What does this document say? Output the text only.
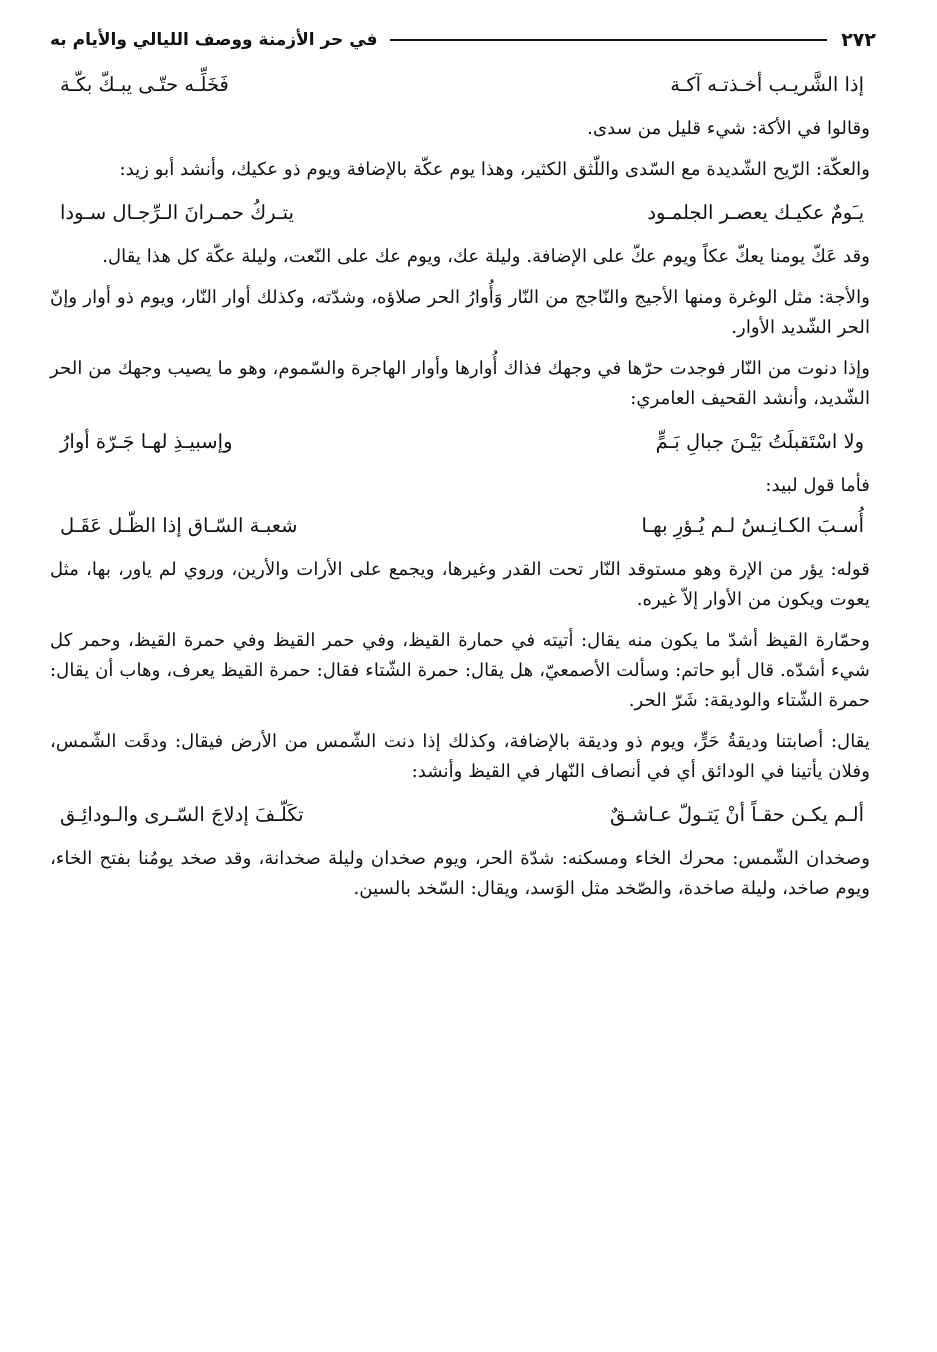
٢٧٢
في حر الأزمنة ووصف الليالي والأيام به
إذا الشَّريـب أخـذتـه آكـة
فَخَلِّـه حتّـى يبـكّ بكّـة

وقالوا في الأكة: شيء قليل من سدى.

والعكّة: الرّيح الشّديدة مع السّدى واللّثق الكثير، وهذا يوم عكّة بالإضافة ويوم ذو عكيك، وأنشد أبو زيد:

يـَومٌ عكيـك يعصـر الجلمـود
يتـركُ حمـرانَ الـرِّجـال سـودا

وقد عَكّ يومنا يعكّ عكاً ويوم عكّ على الإضافة. وليلة عك، ويوم عك على النّعت، وليلة عكّة كل هذا يقال.

والأجة: مثل الوغرة ومنها الأجيج والنّاجج من النّار وَأُوارُ الحر صلاؤه، وشدّته، وكذلك أوار النّار، ويوم ذو أوار وإنّ الحر الشّديد الأوار.

وإذا دنوت من النّار فوجدت حرّها في وجهك فذاك أُوارها وأوار الهاجرة والسّموم، وهو ما يصيب وجهك من الحر الشّديد، وأنشد القحيف العامري:

ولا اسْتَقبلَتُ بَيْـنَ جبالِ بَـمٍّ
وإسبيـذِ لهـا جَـرّة أوارُ

فأما قول لبيد:

أُسـبَ الكـانِـسُ لـم يُـؤرِ بهـا
شعبـة السّـاق إذا الظّـل عَقَـل

قوله: يؤر من الإرة وهو مستوقد النّار تحت القدر وغيرها، ويجمع على الأرات والأرين، وروي لم ياور، بها، مثل يعوت ويكون من الأوار إلاّ غيره.

وحمّارة القيظ أشدّ ما يكون منه يقال: أتيته في حمارة القيظ، وفي حمر القيظ وفي حمرة القيظ، وحمر كل شيء أشدّه. قال أبو حاتم: وسألت الأصمعيّ، هل يقال: حمرة الشّتاء فقال: حمرة القيظ يعرف، وهاب أن يقال: حمرة الشّتاء والوديقة: شَرّ الحر.

يقال: أصابتنا وديقةُ حَرٍّ، ويوم ذو وديقة بالإضافة، وكذلك إذا دنت الشّمس من الأرض فيقال: ودقَت الشّمس، وفلان يأتينا في الودائق أي في أنصاف النّهار في القيظ وأنشد:

ألـم يكـن حقـاً أنْ يَتـولّ عـاشـقٌ
تكَلّـفَ إدلاجَ السّـرى والـودائِـق

وصخدان الشّمس: محرك الخاء ومسكنه: شدّة الحر، ويوم صخدان وليلة صخدانة، وقد صخد يومُنا بفتح الخاء، ويوم صاخد، وليلة صاخدة، والصّخد مثل الوَسد، ويقال: السّخد بالسين.
